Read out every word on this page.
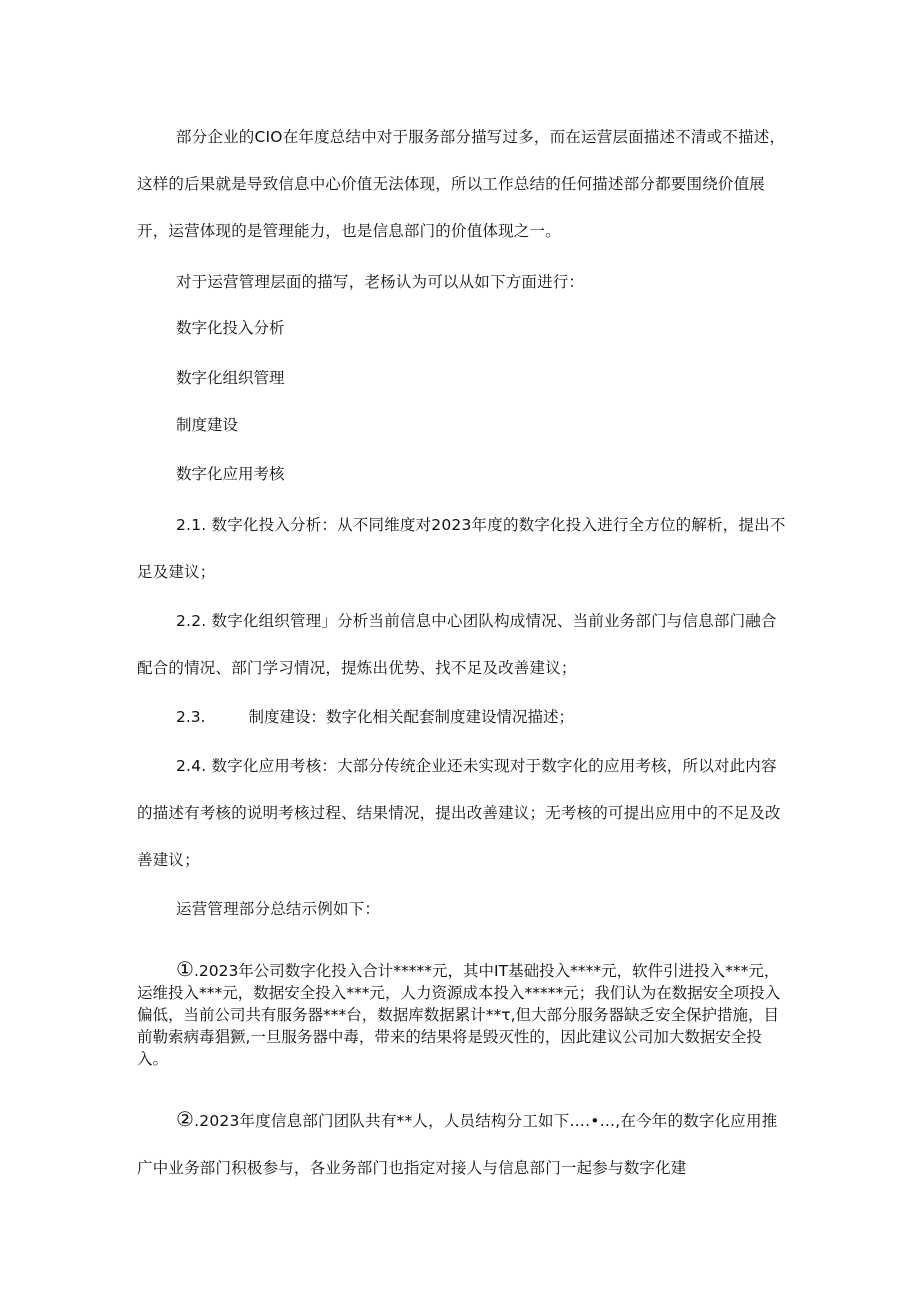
部分企业的CIO在年度总结中对于服务部分描写过多，而在运营层面描述不清或不描述，这样的后果就是导致信息中心价值无法体现，所以工作总结的任何描述部分都要围绕价值展开，运营体现的是管理能力，也是信息部门的价值体现之一。

对于运营管理层面的描写，老杨认为可以从如下方面进行：

数字化投入分析

数字化组织管理

制度建设

数字化应用考核

2.1. 数字化投入分析：从不同维度对2023年度的数字化投入进行全方位的解析，提出不足及建议；

2.2. 数字化组织管理」分析当前信息中心团队构成情况、当前业务部门与信息部门融合配合的情况、部门学习情况，提炼出优势、找不足及改善建议；

2.3.	制度建设：数字化相关配套制度建设情况描述；

2.4. 数字化应用考核：大部分传统企业还未实现对于数字化的应用考核，所以对此内容的描述有考核的说明考核过程、结果情况，提出改善建议；无考核的可提出应用中的不足及改善建议；

运营管理部分总结示例如下：

①.2023年公司数字化投入合计*****元，其中IT基础投入****元，软件引进投入***元，运维投入***元，数据安全投入***元，人力资源成本投入*****元；我们认为在数据安全项投入偏低，当前公司共有服务器***台，数据库数据累计**τ,但大部分服务器缺乏安全保护措施，目前勒索病毒猖獗,一旦服务器中毒，带来的结果将是毁灭性的，因此建议公司加大数据安全投入。

②.2023年度信息部门团队共有**人，人员结构分工如下….•…,在今年的数字化应用推广中业务部门积极参与，各业务部门也指定对接人与信息部门一起参与数字化建
